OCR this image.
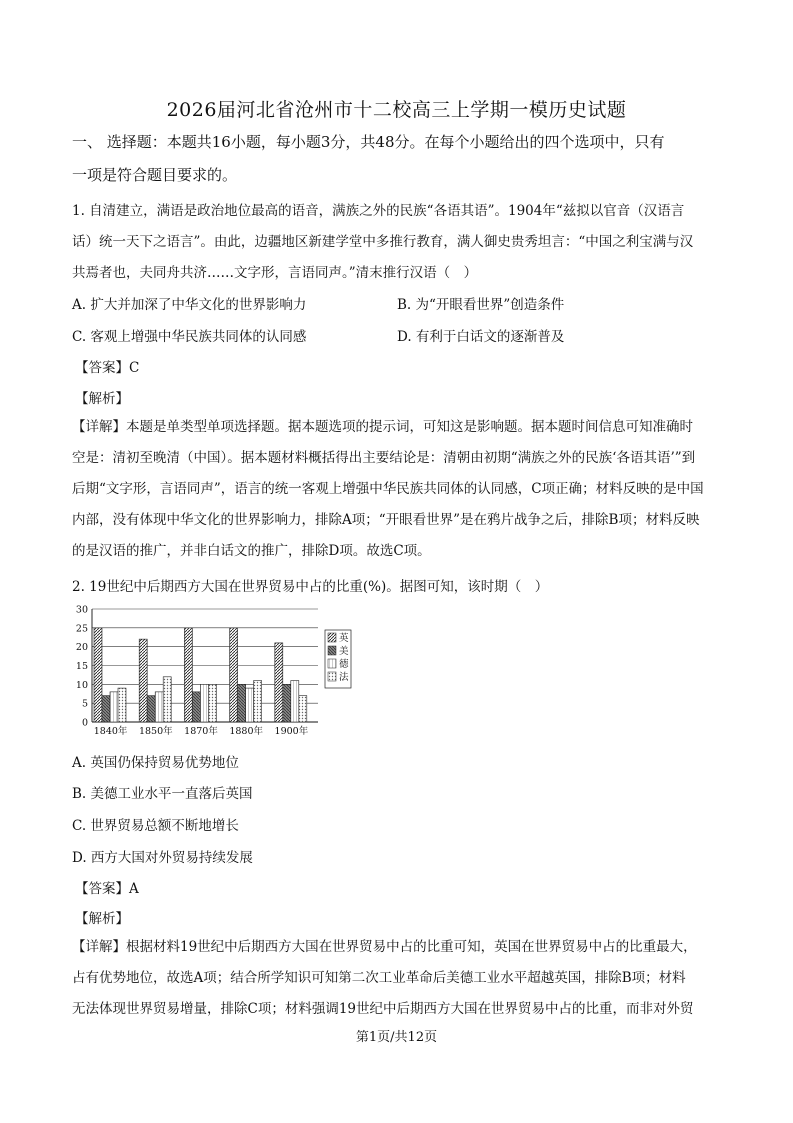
2026届河北省沧州市十二校高三上学期一模历史试题
一、 选择题：本题共16小题，每小题3分，共48分。在每个小题给出的四个选项中，只有
一项是符合题目要求的。
1. 自清建立，满语是政治地位最高的语音，满族之外的民族“各语其语”。1904年“兹拟以官音（汉语言
话）统一天下之语言”。由此，边疆地区新建学堂中多推行教育，满人御史贵秀坦言：“中国之利宝满与汉
共焉者也，夫同舟共济……文字形，言语同声。”清末推行汉语（　）
A. 扩大并加深了中华文化的世界影响力	B. 为“开眼看世界”创造条件
C. 客观上增强中华民族共同体的认同感	D. 有利于白话文的逐渐普及
【答案】C
【解析】
【详解】本题是单类型单项选择题。据本题选项的提示词，可知这是影响题。据本题时间信息可知准确时
空是：清初至晚清（中国）。据本题材料概括得出主要结论是：清朝由初期“满族之外的民族‘各语其语’”到
后期“文字形，言语同声”，语言的统一客观上增强中华民族共同体的认同感，C项正确；材料反映的是中国
内部，没有体现中华文化的世界影响力，排除A项；“开眼看世界”是在鸦片战争之后，排除B项；材料反映
的是汉语的推广，并非白话文的推广，排除D项。故选C项。
2. 19世纪中后期西方大国在世界贸易中占的比重(%)。据图可知，该时期（　）
0
5
10
15
20
25
30
1840年 1850年 1870年 1880年 1900年
英
美
德
法
A. 英国仍保持贸易优势地位
B. 美德工业水平一直落后英国
C. 世界贸易总额不断地增长
D. 西方大国对外贸易持续发展
【答案】A
【解析】
【详解】根据材料19世纪中后期西方大国在世界贸易中占的比重可知，英国在世界贸易中占的比重最大，
占有优势地位，故选A项；结合所学知识可知第二次工业革命后美德工业水平超越英国，排除B项；材料
无法体现世界贸易增量，排除C项；材料强调19世纪中后期西方大国在世界贸易中占的比重，而非对外贸
第1页/共12页
